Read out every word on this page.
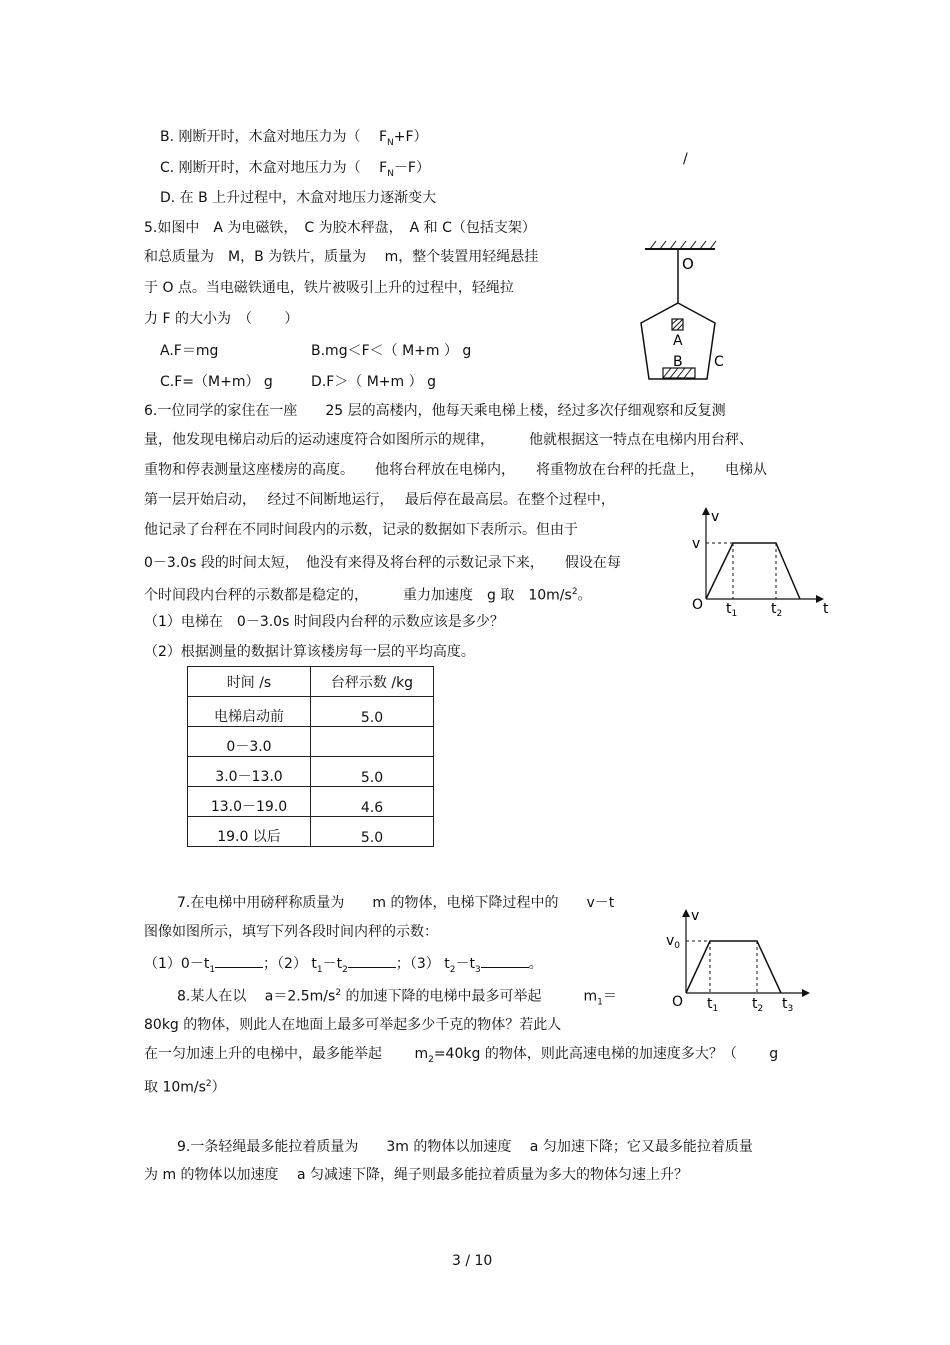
B. 刚断开时，木盒对地压力为（　 $F_N+F$）
C. 刚断开时，木盒对地压力为（　 $F_N-F$）
/
D. 在 B 上升过程中，木盒对地压力逐渐变大
5.如图中　A 为电磁铁，　C 为胶木秤盘，　A 和 C（包括支架）
和总质量为　M，B 为铁片，质量为　 m，整个装置用轻绳悬挂
于 O 点。当电磁铁通电，铁片被吸引上升的过程中，轻绳拉
力 F 的大小为　（　　 ）
A.F＝mg	B.mg＜F＜（ M+m ） g
C.F=（M+m） g	D.F＞（ M+m ） g
O
A
B C
6.一位同学的家住在一座　　25 层的高楼内，他每天乘电梯上楼，经过多次仔细观察和反复测
量，他发现电梯启动后的运动速度符合如图所示的规律，　　　他就根据这一特点在电梯内用台秤、
重物和停表测量这座楼房的高度。　　他将台秤放在电梯内，　　将重物放在台秤的托盘上，　　电梯从
第一层开始启动，　 经过不间断地运行，　 最后停在最高层。在整个过程中，
他记录了台秤在不同时间段内的示数，记录的数据如下表所示。但由于
0－3.0s 段的时间太短，　他没有来得及将台秤的示数记录下来，　　假设在每
个时间段内台秤的示数都是稳定的，　　　重力加速度　g 取　$10m/s^2$。
（1）电梯在　0－3.0s 时间段内台秤的示数应该是多少？
（2）根据测量的数据计算该楼房每一层的平均高度。
v
v
O $t_1$ $t_2$	t
时间 /s	台秤示数 /kg
电梯启动前	5.0
0－3.0	
3.0－13.0	5.0
13.0－19.0	4.6
19.0 以后	5.0
7.在电梯中用磅秤称质量为　　m 的物体，电梯下降过程中的　　v－t
图像如图所示，填写下列各段时间内秤的示数：
$(1)0-t_1$	；（2） $t_1-t_2$	；（3） $t_2-t_3$	。
v
$v_0$
O $t_1$ $t_2$ $t_3$
8.某人在以　 $a=2.5m/s^2$ 的加速下降的电梯中最多可举起　　　$m_1=$
80kg 的物体，则此人在地面上最多可举起多少千克的物体？若此人
在一匀加速上升的电梯中，最多能举起　　 $m_2=40kg$ 的物体，则此高速电梯的加速度多大？（　　 g
取 $10m/s^2$）
9.一条轻绳最多能拉着质量为　　3m 的物体以加速度　 a 匀加速下降；它又最多能拉着质量
为 m 的物体以加速度　 a 匀减速下降，绳子则最多能拉着质量为多大的物体匀速上升？
3 / 10
